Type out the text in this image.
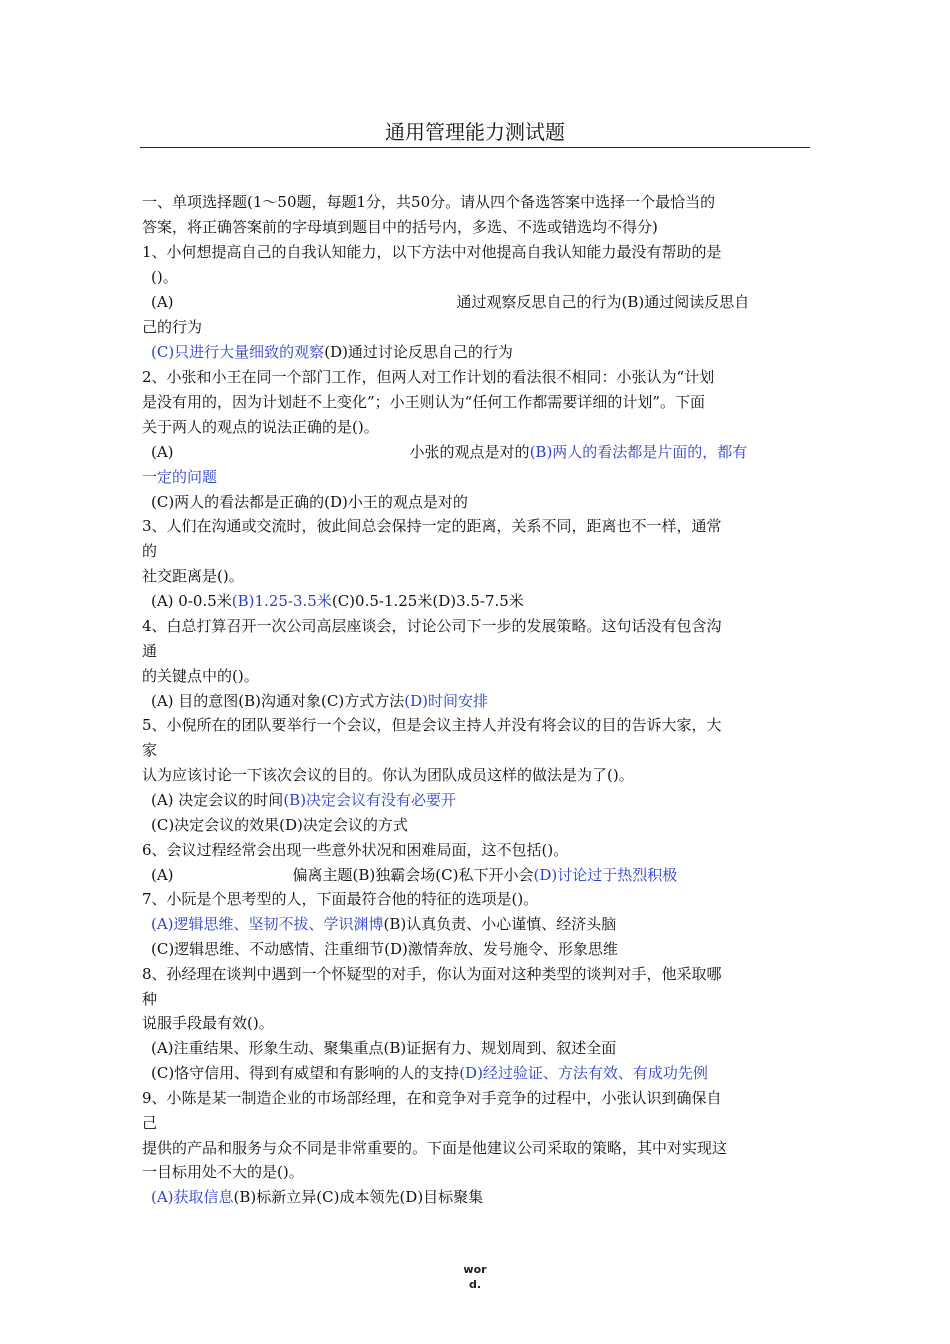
通用管理能力测试题
一、单项选择题(1～50题，每题1分，共50分。请从四个备选答案中选择一个最恰当的
答案，将正确答案前的字母填到题目中的括号内，多选、不选或错选均不得分)
1、小何想提高自己的自我认知能力，以下方法中对他提高自我认知能力最没有帮助的是
()。
(A)	通过观察反思自己的行为(B)通过阅读反思自
己的行为
(C)只进行大量细致的观察(D)通过讨论反思自己的行为
2、小张和小王在同一个部门工作，但两人对工作计划的看法很不相同：小张认为“计划
是没有用的，因为计划赶不上变化”；小王则认为“任何工作都需要详细的计划”。下面
关于两人的观点的说法正确的是()。
(A)	小张的观点是对的(B)两人的看法都是片面的，都有
一定的问题
(C)两人的看法都是正确的(D)小王的观点是对的
3、人们在沟通或交流时，彼此间总会保持一定的距离，关系不同，距离也不一样，通常
的
社交距离是()。
(A) 0-0.5米(B)1.25-3.5米(C)0.5-1.25米(D)3.5-7.5米
4、白总打算召开一次公司高层座谈会，讨论公司下一步的发展策略。这句话没有包含沟
通
的关键点中的()。
(A) 目的意图(B)沟通对象(C)方式方法(D)时间安排
5、小倪所在的团队要举行一个会议，但是会议主持人并没有将会议的目的告诉大家，大
家
认为应该讨论一下该次会议的目的。你认为团队成员这样的做法是为了()。
(A) 决定会议的时间(B)决定会议有没有必要开
(C)决定会议的效果(D)决定会议的方式
6、会议过程经常会出现一些意外状况和困难局面，这不包括()。
(A)	偏离主题(B)独霸会场(C)私下开小会(D)讨论过于热烈积极
7、小阮是个思考型的人，下面最符合他的特征的选项是()。
(A)逻辑思维、坚韧不拔、学识渊博(B)认真负责、小心谨慎、经济头脑
(C)逻辑思维、不动感情、注重细节(D)激情奔放、发号施令、形象思维
8、孙经理在谈判中遇到一个怀疑型的对手，你认为面对这种类型的谈判对手，他采取哪
种
说服手段最有效()。
(A)注重结果、形象生动、聚集重点(B)证据有力、规划周到、叙述全面
(C)恪守信用、得到有威望和有影响的人的支持(D)经过验证、方法有效、有成功先例
9、小陈是某一制造企业的市场部经理，在和竞争对手竞争的过程中，小张认识到确保自
己
提供的产品和服务与众不同是非常重要的。下面是他建议公司采取的策略，其中对实现这
一目标用处不大的是()。
(A)获取信息(B)标新立异(C)成本领先(D)目标聚集
wor
d.
